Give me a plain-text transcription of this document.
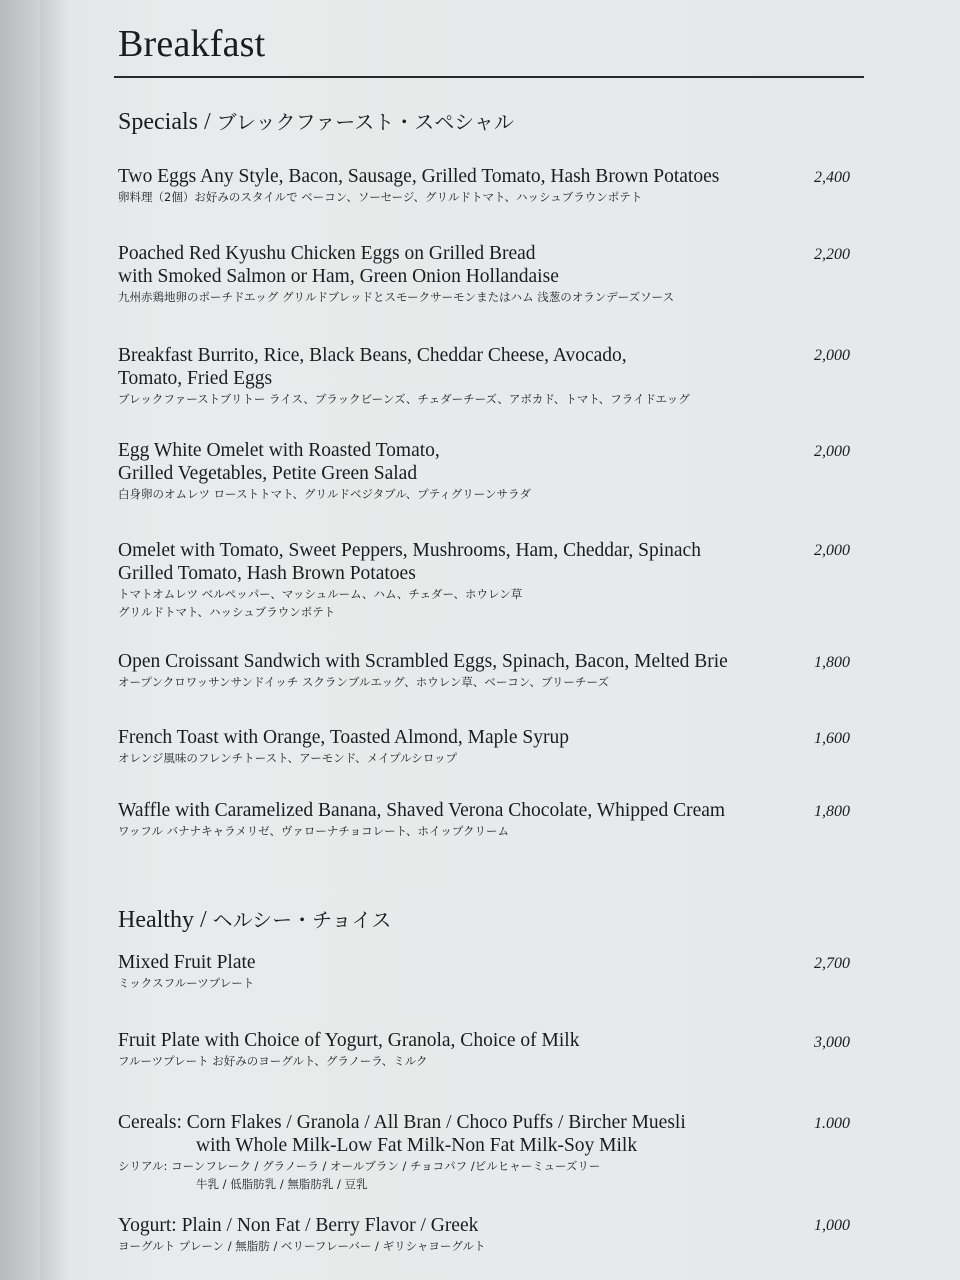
Breakfast
Specials / ブレックファースト・スペシャル
Two Eggs Any Style, Bacon, Sausage, Grilled Tomato, Hash Brown Potatoes
卵料理（2個）お好みのスタイルで ベーコン、ソーセージ、グリルドトマト、ハッシュブラウンポテト
2,400
Poached Red Kyushu Chicken Eggs on Grilled Bread
with Smoked Salmon or Ham, Green Onion Hollandaise
九州赤鶏地卵のポーチドエッグ グリルドブレッドとスモークサーモンまたはハム 浅葱のオランデーズソース
2,200
Breakfast Burrito, Rice, Black Beans, Cheddar Cheese, Avocado,
Tomato, Fried Eggs
ブレックファーストブリトー ライス、ブラックビーンズ、チェダーチーズ、アボカド、トマト、フライドエッグ
2,000
Egg White Omelet with Roasted Tomato,
Grilled Vegetables, Petite Green Salad
白身卵のオムレツ ローストトマト、グリルドベジタブル、プティグリーンサラダ
2,000
Omelet with Tomato, Sweet Peppers, Mushrooms, Ham, Cheddar, Spinach
Grilled Tomato, Hash Brown Potatoes
トマトオムレツ ベルペッパー、マッシュルーム、ハム、チェダー、ホウレン草
グリルドトマト、ハッシュブラウンポテト
2,000
Open Croissant Sandwich with Scrambled Eggs, Spinach, Bacon, Melted Brie
オープンクロワッサンサンドイッチ スクランブルエッグ、ホウレン草、ベーコン、ブリーチーズ
1,800
French Toast with Orange, Toasted Almond, Maple Syrup
オレンジ風味のフレンチトースト、アーモンド、メイプルシロップ
1,600
Waffle with Caramelized Banana, Shaved Verona Chocolate, Whipped Cream
ワッフル バナナキャラメリゼ、ヴァローナチョコレート、ホイップクリーム
1,800
Healthy / ヘルシー・チョイス
Mixed Fruit Plate
ミックスフルーツプレート
2,700
Fruit Plate with Choice of Yogurt, Granola, Choice of Milk
フルーツプレート お好みのヨーグルト、グラノーラ、ミルク
3,000
Cereals: Corn Flakes / Granola / All Bran / Choco Puffs / Bircher Muesli
with Whole Milk-Low Fat Milk-Non Fat Milk-Soy Milk
シリアル: コーンフレーク / グラノーラ / オールブラン / チョコパフ /ビルヒャーミューズリー
牛乳 / 低脂肪乳 / 無脂肪乳 / 豆乳
1.000
Yogurt: Plain / Non Fat / Berry Flavor / Greek
ヨーグルト プレーン / 無脂肪 / ベリーフレーバー / ギリシャヨーグルト
1,000
